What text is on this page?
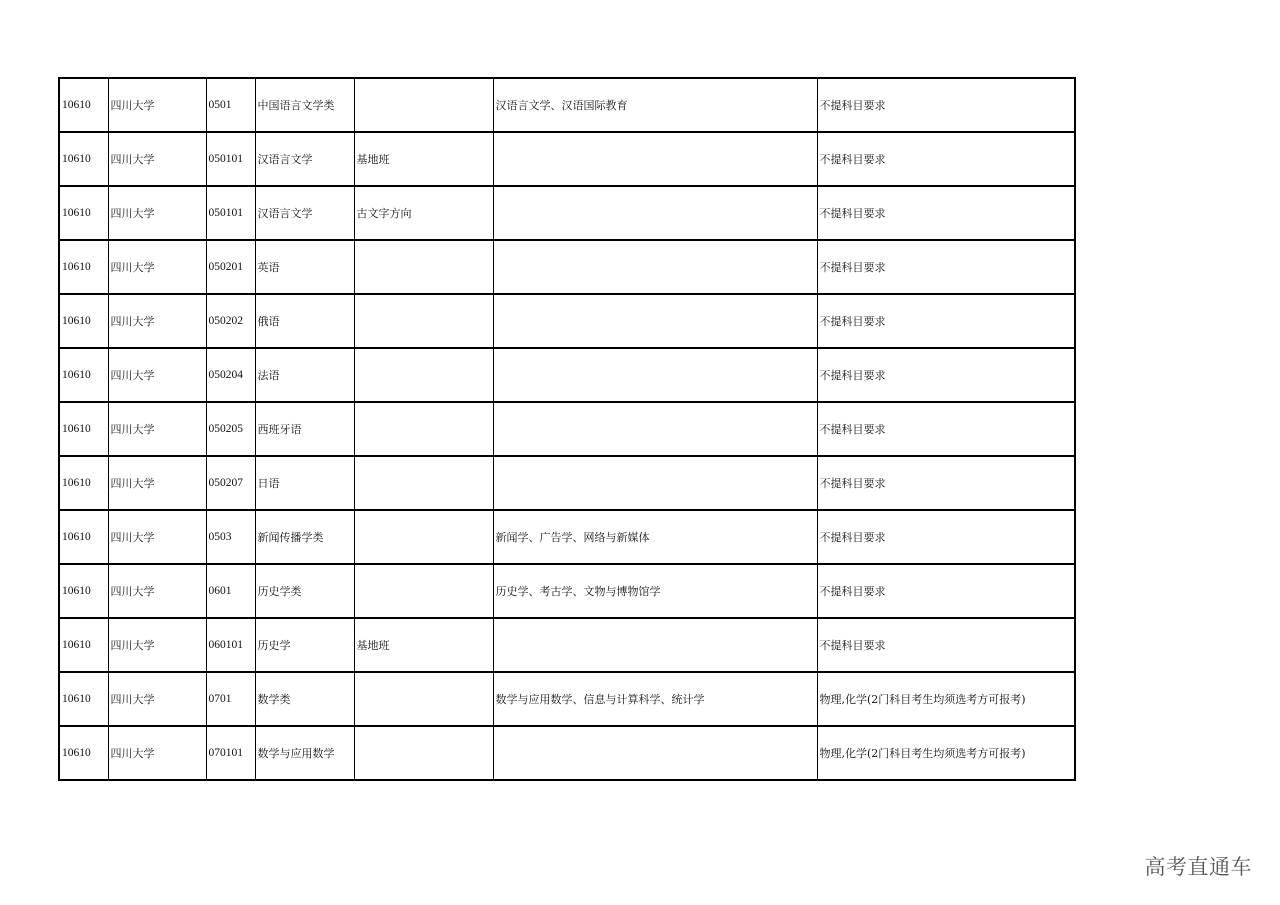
10610	四川大学	0501	中国语言文学类		汉语言文学、汉语国际教育	不提科目要求
10610	四川大学	050101	汉语言文学	基地班		不提科目要求
10610	四川大学	050101	汉语言文学	古文字方向		不提科目要求
10610	四川大学	050201	英语			不提科目要求
10610	四川大学	050202	俄语			不提科目要求
10610	四川大学	050204	法语			不提科目要求
10610	四川大学	050205	西班牙语			不提科目要求
10610	四川大学	050207	日语			不提科目要求
10610	四川大学	0503	新闻传播学类		新闻学、广告学、网络与新媒体	不提科目要求
10610	四川大学	0601	历史学类		历史学、考古学、文物与博物馆学	不提科目要求
10610	四川大学	060101	历史学	基地班		不提科目要求
10610	四川大学	0701	数学类		数学与应用数学、信息与计算科学、统计学	物理,化学(2门科目考生均须选考方可报考)
10610	四川大学	070101	数学与应用数学			物理,化学(2门科目考生均须选考方可报考)
高考直通车
